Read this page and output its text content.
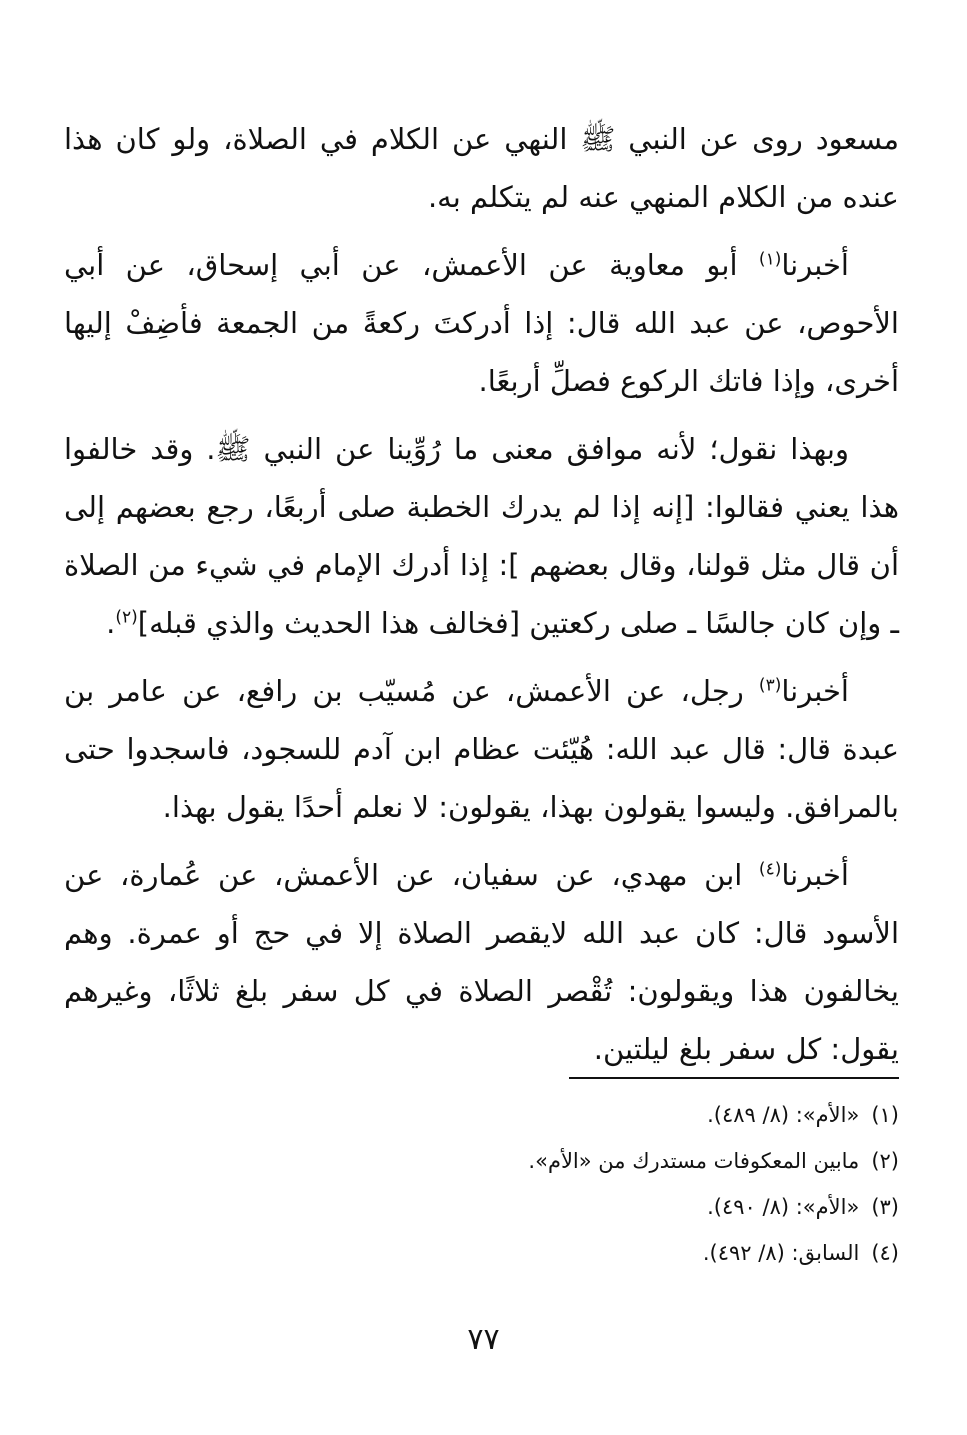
مسعود روى عن النبي ﷺ النهي عن الكلام في الصلاة، ولو كان هذا عنده من الكلام المنهي عنه لم يتكلم به.

أخبرنا$^{(١)}$ أبو معاوية عن الأعمش، عن أبي إسحاق، عن أبي الأحوص، عن عبد الله قال: إذا أدركتَ ركعةً من الجمعة فأضِفْ إليها أخرى، وإذا فاتك الركوع فصلِّ أربعًا.

وبهذا نقول؛ لأنه موافق معنى ما رُوِّينا عن النبي ﷺ. وقد خالفوا هذا يعني فقالوا: [إنه إذا لم يدرك الخطبة صلى أربعًا، رجع بعضهم إلى أن قال مثل قولنا، وقال بعضهم ]: إذا أدرك الإمام في شيء من الصلاة ـ وإن كان جالسًا ـ صلى ركعتين [فخالف هذا الحديث والذي قبله]$^{(٢)}$.

أخبرنا$^{(٣)}$ رجل، عن الأعمش، عن مُسيّب بن رافع، عن عامر بن عبدة قال: قال عبد الله: هُيّئت عظام ابن آدم للسجود، فاسجدوا حتى بالمرافق. وليسوا يقولون بهذا، يقولون: لا نعلم أحدًا يقول بهذا.

أخبرنا$^{(٤)}$ ابن مهدي، عن سفيان، عن الأعمش، عن عُمارة، عن الأسود قال: كان عبد الله لايقصر الصلاة إلا في حج أو عمرة. وهم يخالفون هذا ويقولون: تُقْصر الصلاة في كل سفر بلغ ثلاثًا، وغيرهم يقول: كل سفر بلغ ليلتين.

(١)«الأم»: (٨/ ٤٨٩).
(٢)مابين المعكوفات مستدرك من «الأم».
(٣)«الأم»: (٨/ ٤٩٠).
(٤)السابق: (٨/ ٤٩٢).
٧٧
